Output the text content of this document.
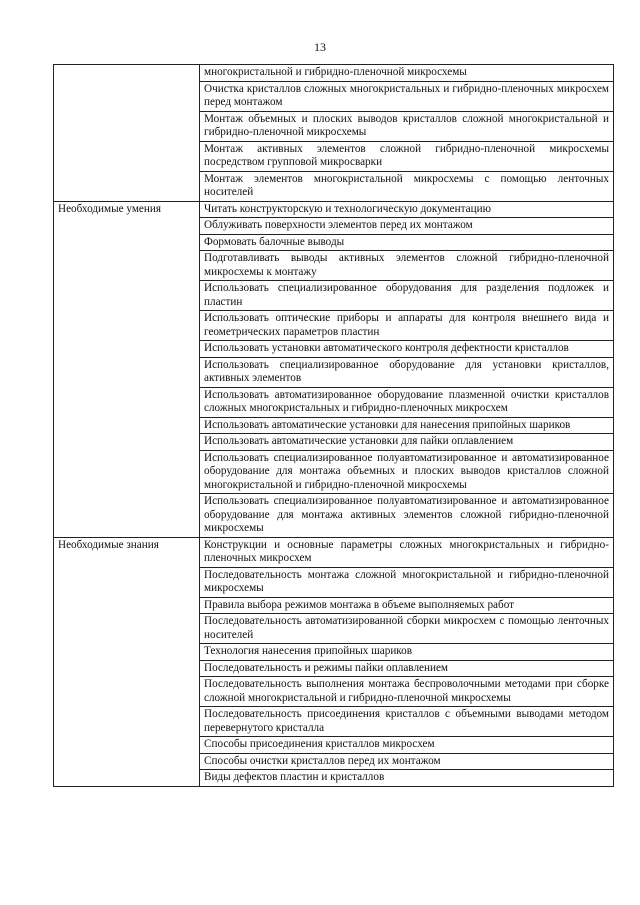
13
	многокристальной и гибридно-пленочной микросхемы
	Очистка кристаллов сложных многокристальных и гибридно-пленочных микросхем перед монтажом
	Монтаж объемных и плоских выводов кристаллов сложной многокристальной и гибридно-пленочной микросхемы
	Монтаж активных элементов сложной гибридно-пленочной микросхемы посредством групповой микросварки
	Монтаж элементов многокристальной микросхемы с помощью ленточных носителей
Необходимые умения	Читать конструкторскую и технологическую документацию
	Облуживать поверхности элементов перед их монтажом
	Формовать балочные выводы
	Подготавливать выводы активных элементов сложной гибридно-пленочной микросхемы к монтажу
	Использовать специализированное оборудования для разделения подложек и пластин
	Использовать оптические приборы и аппараты для контроля внешнего вида и геометрических параметров пластин
	Использовать установки автоматического контроля дефектности кристаллов
	Использовать специализированное оборудование для установки кристаллов, активных элементов
	Использовать автоматизированное оборудование плазменной очистки кристаллов сложных многокристальных и гибридно-пленочных микросхем
	Использовать автоматические установки для нанесения припойных шариков
	Использовать автоматические установки для пайки оплавлением
	Использовать специализированное полуавтоматизированное и автоматизированное оборудование для монтажа объемных и плоских выводов кристаллов сложной многокристальной и гибридно-пленочной микросхемы
	Использовать специализированное полуавтоматизированное и автоматизированное оборудование для монтажа активных элементов сложной гибридно-пленочной микросхемы
Необходимые знания	Конструкции и основные параметры сложных многокристальных и гибридно-пленочных микросхем
	Последовательность монтажа сложной многокристальной и гибридно-пленочной микросхемы
	Правила выбора режимов монтажа в объеме выполняемых работ
	Последовательность автоматизированной сборки микросхем с помощью ленточных носителей
	Технология нанесения припойных шариков
	Последовательность и режимы пайки оплавлением
	Последовательность выполнения монтажа беспроволочными методами при сборке сложной многокристальной и гибридно-пленочной микросхемы
	Последовательность присоединения кристаллов с объемными выводами методом перевернутого кристалла
	Способы присоединения кристаллов микросхем
	Способы очистки кристаллов перед их монтажом
	Виды дефектов пластин и кристаллов
